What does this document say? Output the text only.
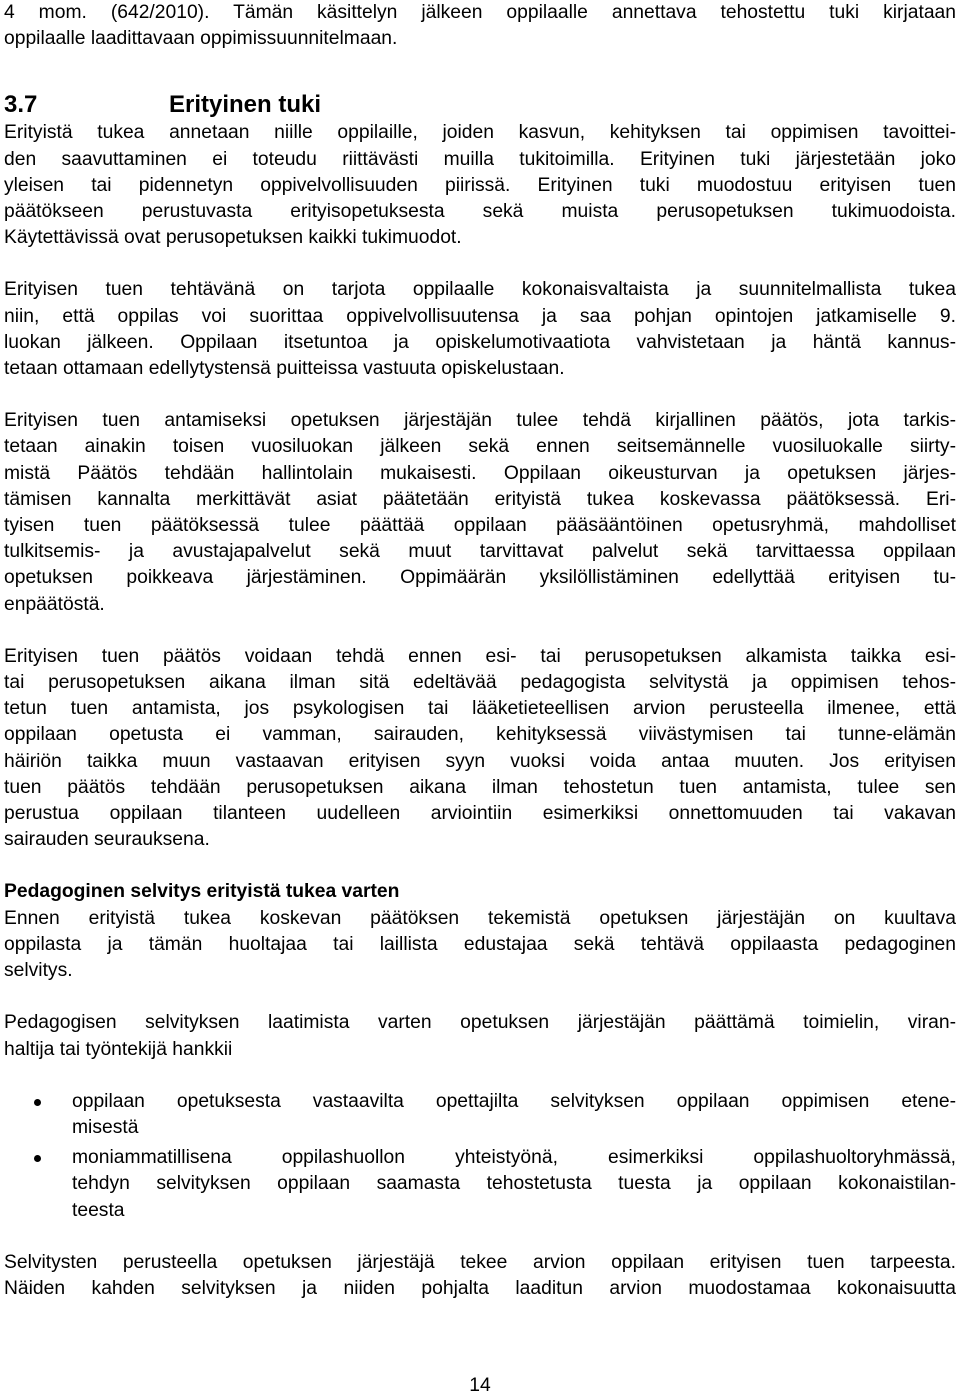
4 mom. (642/2010). Tämän käsittelyn jälkeen oppilaalle annettava tehostettu tuki kirjataan
oppilaalle laadittavaan oppimissuunnitelmaan.

3.7	Erityinen tuki

Erityistä tukea annetaan niille oppilaille, joiden kasvun, kehityksen tai oppimisen tavoittei-
den saavuttaminen ei toteudu riittävästi muilla tukitoimilla. Erityinen tuki järjestetään joko
yleisen tai pidennetyn oppivelvollisuuden piirissä. Erityinen tuki muodostuu erityisen tuen
päätökseen perustuvasta erityisopetuksesta sekä muista perusopetuksen tukimuodoista.
Käytettävissä ovat perusopetuksen kaikki tukimuodot.

Erityisen tuen tehtävänä on tarjota oppilaalle kokonaisvaltaista ja suunnitelmallista tukea
niin, että oppilas voi suorittaa oppivelvollisuutensa ja saa pohjan opintojen jatkamiselle 9.
luokan jälkeen. Oppilaan itsetuntoa ja opiskelumotivaatiota vahvistetaan ja häntä kannus-
tetaan ottamaan edellytystensä puitteissa vastuuta opiskelustaan.

Erityisen tuen antamiseksi opetuksen järjestäjän tulee tehdä kirjallinen päätös, jota tarkis-
tetaan ainakin toisen vuosiluokan jälkeen sekä ennen seitsemännelle vuosiluokalle siirty-
mistä Päätös tehdään hallintolain mukaisesti. Oppilaan oikeusturvan ja opetuksen järjes-
tämisen kannalta merkittävät asiat päätetään erityistä tukea koskevassa päätöksessä. Eri-
tyisen tuen päätöksessä tulee päättää oppilaan pääsääntöinen opetusryhmä, mahdolliset
tulkitsemis- ja avustajapalvelut sekä muut tarvittavat palvelut sekä tarvittaessa oppilaan
opetuksen poikkeava järjestäminen. Oppimäärän yksilöllistäminen edellyttää erityisen tu-
enpäätöstä.

Erityisen tuen päätös voidaan tehdä ennen esi- tai perusopetuksen alkamista taikka esi-
tai perusopetuksen aikana ilman sitä edeltävää pedagogista selvitystä ja oppimisen tehos-
tetun tuen antamista, jos psykologisen tai lääketieteellisen arvion perusteella ilmenee, että
oppilaan opetusta ei vamman, sairauden, kehityksessä viivästymisen tai tunne-elämän
häiriön taikka muun vastaavan erityisen syyn vuoksi voida antaa muuten. Jos erityisen
tuen päätös tehdään perusopetuksen aikana ilman tehostetun tuen antamista, tulee sen
perustua oppilaan tilanteen uudelleen arviointiin esimerkiksi onnettomuuden tai vakavan
sairauden seurauksena.

Pedagoginen selvitys erityistä tukea varten

Ennen erityistä tukea koskevan päätöksen tekemistä opetuksen järjestäjän on kuultava
oppilasta ja tämän huoltajaa tai laillista edustajaa sekä tehtävä oppilaasta pedagoginen
selvitys.

Pedagogisen selvityksen laatimista varten opetuksen järjestäjän päättämä toimielin, viran-
haltija tai työntekijä hankkii

oppilaan opetuksesta vastaavilta opettajilta selvityksen oppilaan oppimisen etene-
misestä
moniammatillisena oppilashuollon yhteistyönä, esimerkiksi oppilashuoltoryhmässä,
tehdyn selvityksen oppilaan saamasta tehostetusta tuesta ja oppilaan kokonaistilan-
teesta

Selvitysten perusteella opetuksen järjestäjä tekee arvion oppilaan erityisen tuen tarpeesta.
Näiden kahden selvityksen ja niiden pohjalta laaditun arvion muodostamaa kokonaisuutta

14
